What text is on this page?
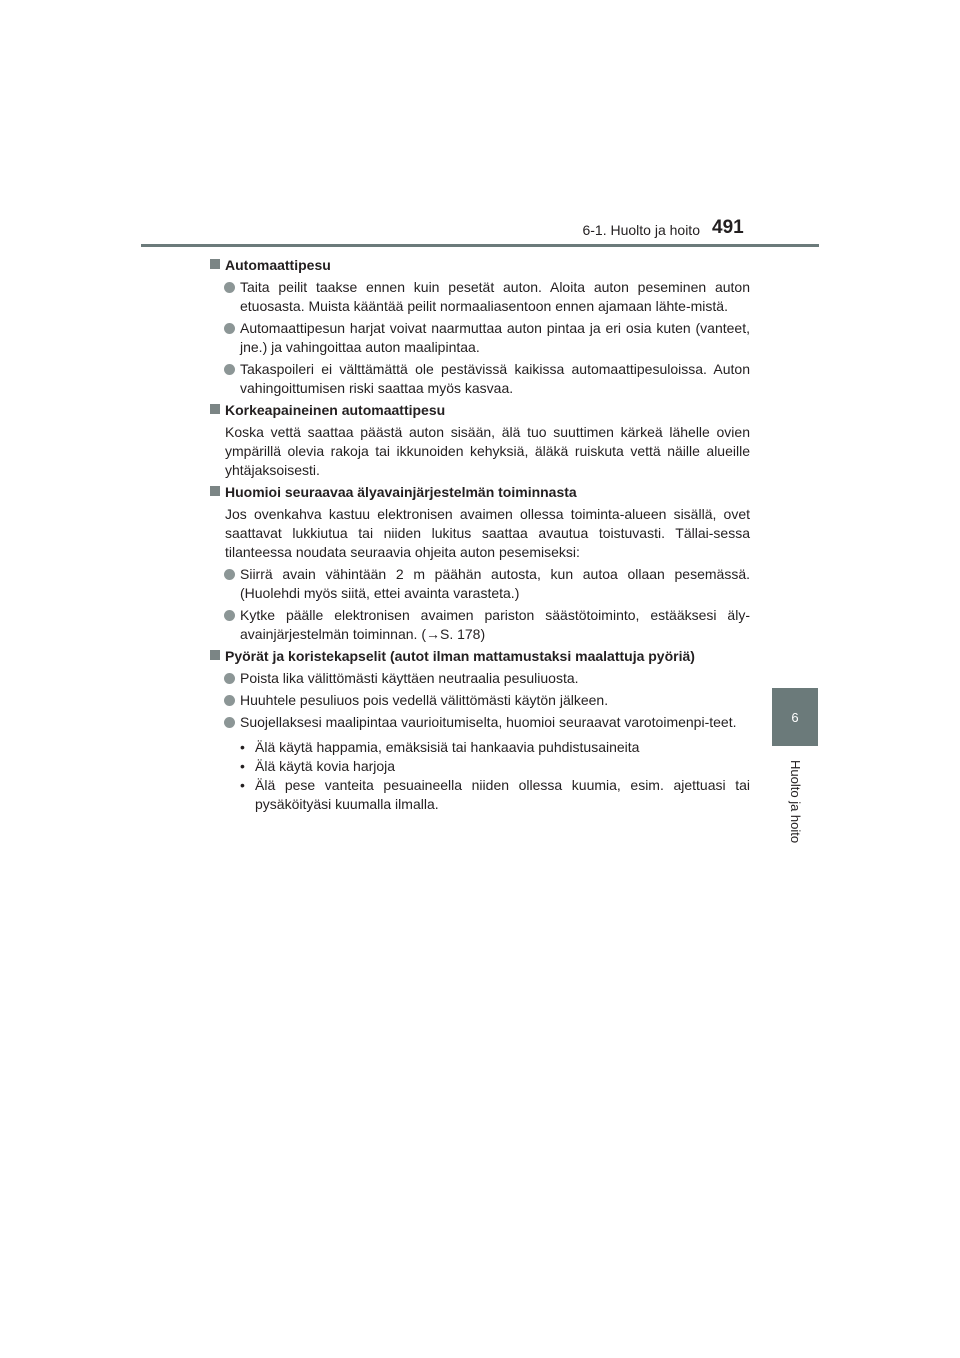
6-1. Huolto ja hoito 491
6
Huolto ja hoito
Automaattipesu
Taita peilit taakse ennen kuin pesetät auton. Aloita auton peseminen auton etuosasta. Muista kääntää peilit normaaliasentoon ennen ajamaan lähte-mistä.
Automaattipesun harjat voivat naarmuttaa auton pintaa ja eri osia kuten (vanteet, jne.) ja vahingoittaa auton maalipintaa.
Takaspoileri ei välttämättä ole pestävissä kaikissa automaattipesuloissa. Auton vahingoittumisen riski saattaa myös kasvaa.
Korkeapaineinen automaattipesu
Koska vettä saattaa päästä auton sisään, älä tuo suuttimen kärkeä lähelle ovien ympärillä olevia rakoja tai ikkunoiden kehyksiä, äläkä ruiskuta vettä näille alueille yhtäjaksoisesti.
Huomioi seuraavaa älyavainjärjestelmän toiminnasta
Jos ovenkahva kastuu elektronisen avaimen ollessa toiminta-alueen sisällä, ovet saattavat lukkiutua tai niiden lukitus saattaa avautua toistuvasti. Tällai-sessa tilanteessa noudata seuraavia ohjeita auton pesemiseksi:
Siirrä avain vähintään 2 m päähän autosta, kun autoa ollaan pesemässä. (Huolehdi myös siitä, ettei avainta varasteta.)
Kytke päälle elektronisen avaimen pariston säästötoiminto, estääksesi äly-avainjärjestelmän toiminnan. (→S. 178)
Pyörät ja koristekapselit (autot ilman mattamustaksi maalattuja pyöriä)
Poista lika välittömästi käyttäen neutraalia pesuliuosta.
Huuhtele pesuliuos pois vedellä välittömästi käytön jälkeen.
Suojellaksesi maalipintaa vaurioitumiselta, huomioi seuraavat varotoimenpi-teet.
• Älä käytä happamia, emäksisiä tai hankaavia puhdistusaineita
• Älä käytä kovia harjoja
• Älä pese vanteita pesuaineella niiden ollessa kuumia, esim. ajettuasi tai pysäköityäsi kuumalla ilmalla.
